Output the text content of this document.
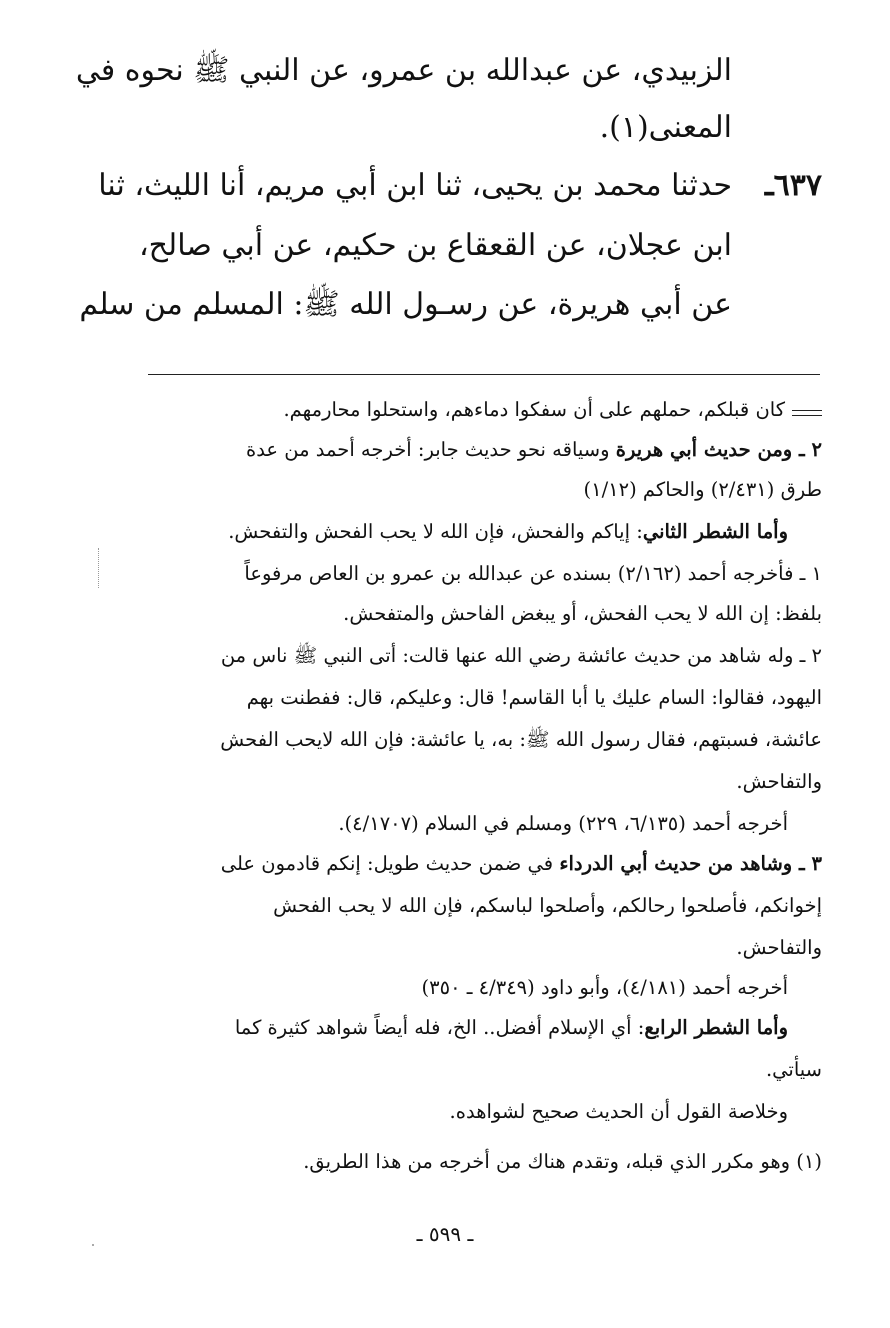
الزبيدي، عن عبدالله بن عمرو، عن النبي ﷺ نحوه في
المعنى(١).
٦٣٧ـ
حدثنا محمد بن يحيى، ثنا ابن أبي مريم، أنا الليث، ثنا
ابن عجلان، عن القعقاع بن حكيم، عن أبي صالح،
عن أبي هريرة، عن رسـول الله ﷺ: المسلم من سلم
كان قبلكم، حملهم على أن سفكوا دماءهم، واستحلوا محارمهم.
٢ ـ ومن حديث أبي هريرة وسياقه نحو حديث جابر: أخرجه أحمد من عدة
طرق (٢/٤٣١) والحاكم (١/١٢)
وأما الشطر الثاني: إياكم والفحش، فإن الله لا يحب الفحش والتفحش.
١ ـ فأخرجه أحمد (٢/١٦٢) بسنده عن عبدالله بن عمرو بن العاص مرفوعاً
بلفظ: إن الله لا يحب الفحش، أو يبغض الفاحش والمتفحش.
٢ ـ وله شاهد من حديث عائشة رضي الله عنها قالت: أتى النبي ﷺ ناس من
اليهود، فقالوا: السام عليك يا أبا القاسم! قال: وعليكم، قال: ففطنت بهم
عائشة، فسبتهم، فقال رسول الله ﷺ: به، يا عائشة: فإن الله لايحب الفحش
والتفاحش.
أخرجه أحمد (٦/١٣٥، ٢٢٩) ومسلم في السلام (٤/١٧٠٧).
٣ ـ وشاهد من حديث أبي الدرداء في ضمن حديث طويل: إنكم قادمون على
إخوانكم، فأصلحوا رحالكم، وأصلحوا لباسكم، فإن الله لا يحب الفحش
والتفاحش.
أخرجه أحمد (٤/١٨١)، وأبو داود (٤/٣٤٩ ـ ٣٥٠)
وأما الشطر الرابع: أي الإسلام أفضل.. الخ، فله أيضاً شواهد كثيرة كما
سيأتي.
وخلاصة القول أن الحديث صحيح لشواهده.
(١) وهو مكرر الذي قبله، وتقدم هناك من أخرجه من هذا الطريق.
ـ ٥٩٩ ـ
